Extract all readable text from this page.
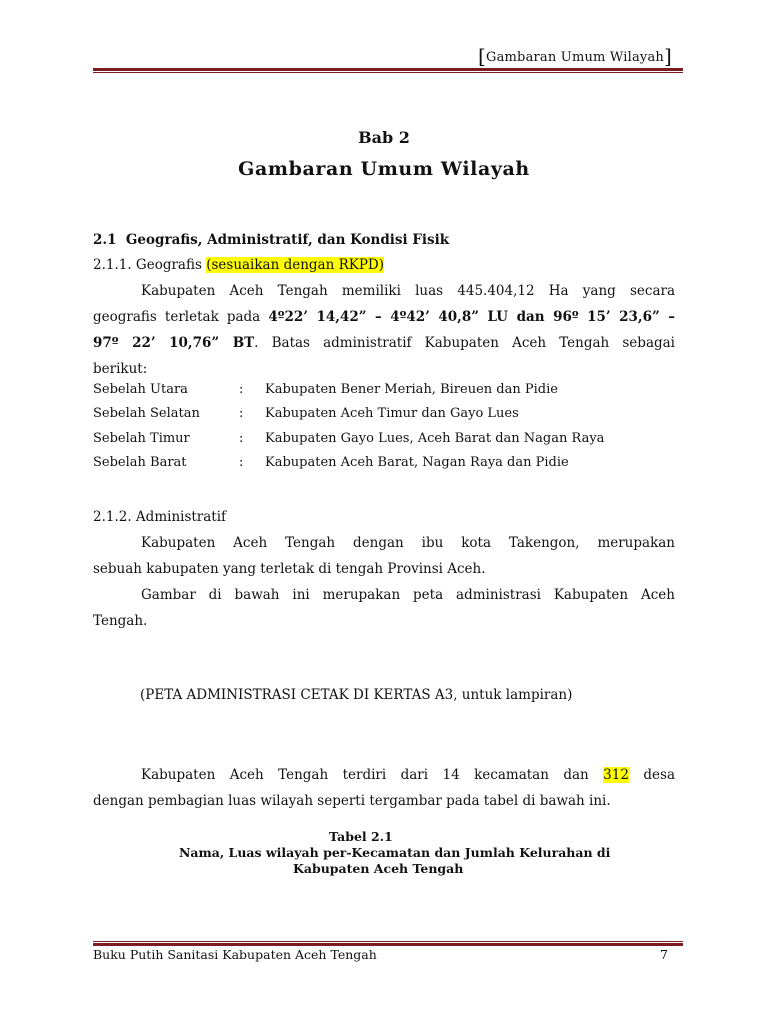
[Gambaran Umum Wilayah]
Bab 2
Gambaran Umum Wilayah
2.1 Geografis, Administratif, dan Kondisi Fisik
2.1.1. Geografis (sesuaikan dengan RKPD)
Kabupaten Aceh Tengah memiliki luas 445.404,12 Ha yang secara
geografis terletak pada 4º22’ 14,42” – 4º42’ 40,8” LU dan 96º 15’ 23,6” –
97º 22’ 10,76” BT. Batas administratif Kabupaten Aceh Tengah sebagai
berikut:
Sebelah Utara	: Kabupaten Bener Meriah, Bireuen dan Pidie
Sebelah Selatan	: Kabupaten Aceh Timur dan Gayo Lues
Sebelah Timur	: Kabupaten Gayo Lues, Aceh Barat dan Nagan Raya
Sebelah Barat	: Kabupaten Aceh Barat, Nagan Raya dan Pidie
2.1.2. Administratif
Kabupaten Aceh Tengah dengan ibu kota Takengon, merupakan
sebuah kabupaten yang terletak di tengah Provinsi Aceh.
Gambar di bawah ini merupakan peta administrasi Kabupaten Aceh
Tengah.
(PETA ADMINISTRASI CETAK DI KERTAS A3, untuk lampiran)
Kabupaten Aceh Tengah terdiri dari 14 kecamatan dan 312 desa
dengan pembagian luas wilayah seperti tergambar pada tabel di bawah ini.
Tabel 2.1
Nama, Luas wilayah per-Kecamatan dan Jumlah Kelurahan di
Kabupaten Aceh Tengah
Buku Putih Sanitasi Kabupaten Aceh Tengah	7
